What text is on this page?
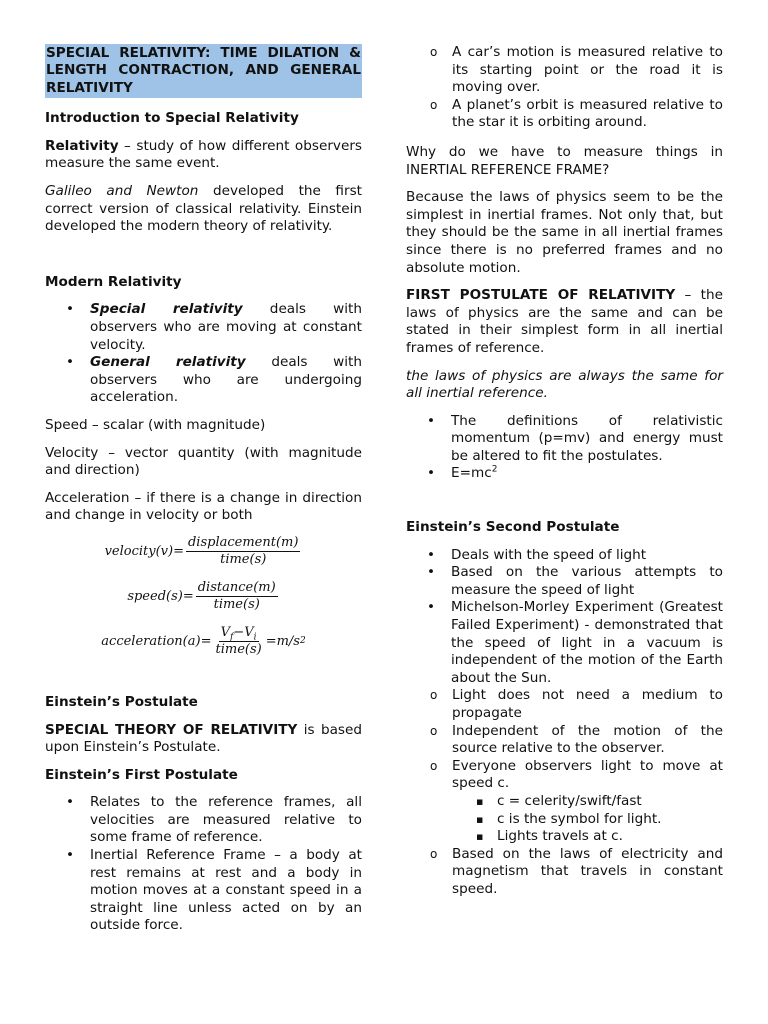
SPECIAL RELATIVITY: TIME DILATION & LENGTH CONTRACTION, AND GENERAL RELATIVITY
Introduction to Special Relativity

Relativity – study of how different observers measure the same event.

Galileo and Newton developed the first correct version of classical relativity. Einstein developed the modern theory of relativity.

Modern Relativity
• Special relativity deals with observers who are moving at constant velocity.
• General relativity deals with observers who are undergoing acceleration.

Speed – scalar (with magnitude)

Velocity – vector quantity (with magnitude and direction)

Acceleration – if there is a change in direction and change in velocity or both

velocity(v)= $\frac{\text{displacement(m)}}{\text{time(s)}}$
speed(s)= $\frac{\text{distance(m)}}{\text{time(s)}}$
acceleration(a)= $\frac{V_f-V_i}{\text{time(s)}} =m/s$ 2
Einstein’s Postulate

SPECIAL THEORY OF RELATIVITY is based upon Einstein’s Postulate.

Einstein’s First Postulate
• Relates to the reference frames, all velocities are measured relative to some frame of reference.
• Inertial Reference Frame – a body at rest remains at rest and a body in motion moves at a constant speed in a straight line unless acted on by an outside force.
o A car’s motion is measured relative to its starting point or the road it is moving over.
o A planet’s orbit is measured relative to the star it is orbiting around.

Why do we have to measure things in INERTIAL REFERENCE FRAME?

Because the laws of physics seem to be the simplest in inertial frames. Not only that, but they should be the same in all inertial frames since there is no preferred frames and no absolute motion.

FIRST POSTULATE OF RELATIVITY – the laws of physics are the same and can be stated in their simplest form in all inertial frames of reference.

the laws of physics are always the same for all inertial reference.

• The definitions of relativistic momentum (p=mv) and energy must be altered to fit the postulates.
• $E=mc^2$
Einstein’s Second Postulate
• Deals with the speed of light
• Based on the various attempts to measure the speed of light
• Michelson-Morley Experiment (Greatest Failed Experiment) - demonstrated that the speed of light in a vacuum is independent of the motion of the Earth about the Sun.
o Light does not need a medium to propagate
o Independent of the motion of the source relative to the observer.
o Everyone observers light to move at speed c.
▪ c = celerity/swift/fast
▪ c is the symbol for light.
▪ Lights travels at c.
o Based on the laws of electricity and magnetism that travels in constant speed.
